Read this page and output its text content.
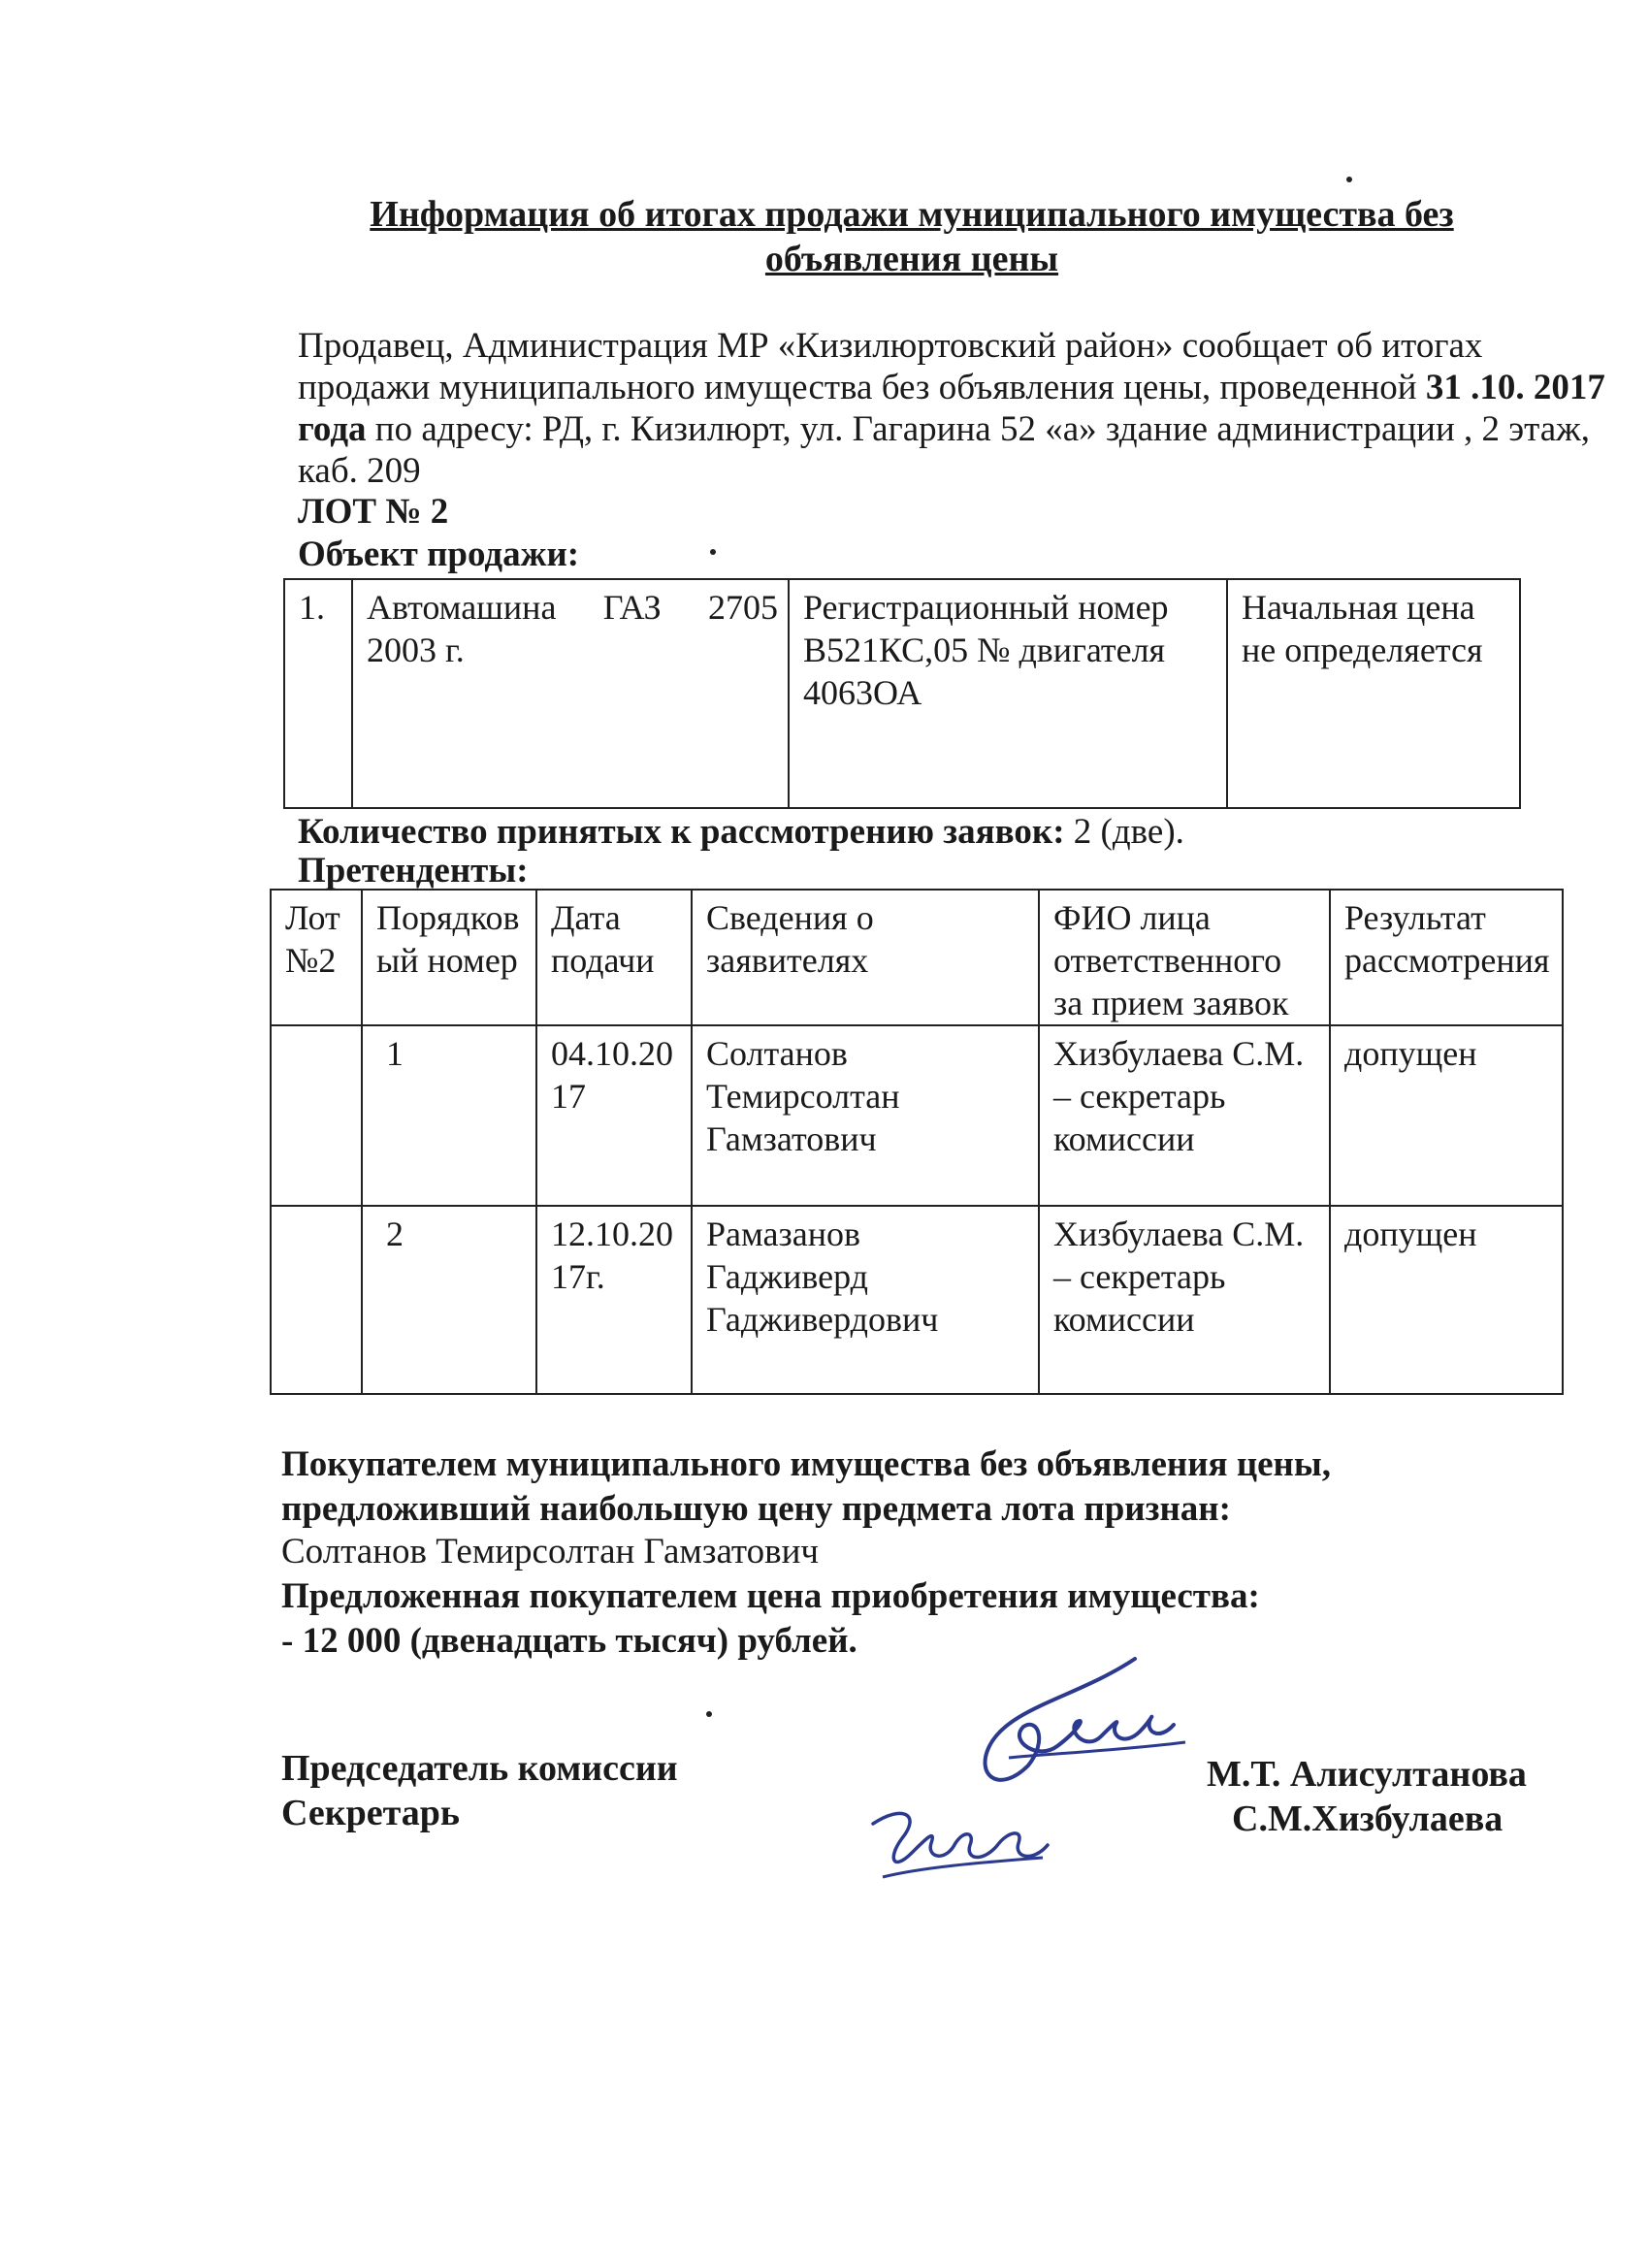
Информация об итогах продажи муниципального имущества без
объявления цены
Продавец, Администрация МР «Кизилюртовский район» сообщает об итогах продажи муниципального имущества без объявления цены, проведенной 31 .10. 2017 года по адресу: РД, г. Кизилюрт, ул. Гагарина 52 «а» здание администрации , 2 этаж, каб. 209
ЛОТ № 2
Объект продажи:
1.	Автомашина ГАЗ 2705 2003 г.	Регистрационный номер В521КС,05 № двигателя 4063ОА	Начальная цена не определяется
Количество принятых к рассмотрению заявок: 2 (две).
Претенденты:
Лот №2	Порядковый номер	Дата подачи	Сведения о заявителях	ФИО лица ответственного за прием заявок	Результат рассмотрения
	1	04.10.2017	Солтанов Темирсолтан Гамзатович	Хизбулаева С.М. – секретарь комиссии	допущен
	2	12.10.2017г.	Рамазанов Гадживерд Гадживердович	Хизбулаева С.М. – секретарь комиссии	допущен
Покупателем муниципального имущества без объявления цены,
предложивший наибольшую цену предмета лота признан:
Солтанов Темирсолтан Гамзатович
Предложенная покупателем цена приобретения имущества:
- 12 000 (двенадцать тысяч) рублей.
Председатель комиссии
Секретарь
М.Т. Алисултанова
С.М.Хизбулаева
